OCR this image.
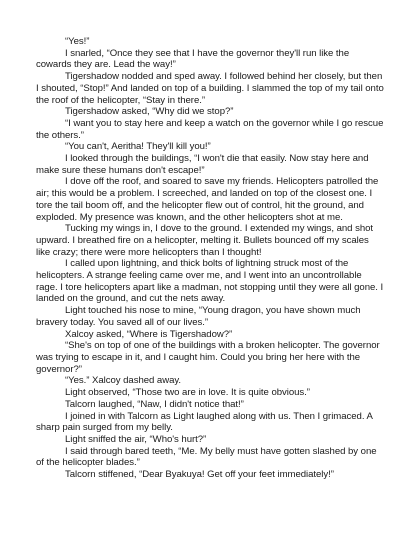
“Yes!”

I snarled, “Once they see that I have the governor they'll run like the cowards they are. Lead the way!”

Tigershadow nodded and sped away. I followed behind her closely, but then I shouted, “Stop!” And landed on top of a building. I slammed the top of my tail onto the roof of the helicopter, “Stay in there.”

Tigershadow asked, “Why did we stop?”

“I want you to stay here and keep a watch on the governor while I go rescue the others.”

“You can't, Aeritha! They'll kill you!”

I looked through the buildings, “I won't die that easily. Now stay here and make sure these humans don't escape!”

I dove off the roof, and soared to save my friends. Helicopters patrolled the air; this would be a problem. I screeched, and landed on top of the closest one. I tore the tail boom off, and the helicopter flew out of control, hit the ground, and exploded. My presence was known, and the other helicopters shot at me.

Tucking my wings in, I dove to the ground. I extended my wings, and shot upward. I breathed fire on a helicopter, melting it. Bullets bounced off my scales like crazy; there were more helicopters than I thought!

I called upon lightning, and thick bolts of lightning struck most of the helicopters. A strange feeling came over me, and I went into an uncontrollable rage. I tore helicopters apart like a madman, not stopping until they were all gone. I landed on the ground, and cut the nets away.

Light touched his nose to mine, “Young dragon, you have shown much bravery today. You saved all of our lives.”

Xalcoy asked, “Where is Tigershadow?”

“She's on top of one of the buildings with a broken helicopter. The governor was trying to escape in it, and I caught him. Could you bring her here with the governor?”

“Yes.” Xalcoy dashed away.

Light observed, “Those two are in love. It is quite obvious.”

Talcorn laughed, “Naw, I didn't notice that!”

I joined in with Talcorn as Light laughed along with us. Then I grimaced. A sharp pain surged from my belly.

Light sniffed the air, “Who's hurt?”

I said through bared teeth, “Me. My belly must have gotten slashed by one of the helicopter blades.”

Talcorn stiffened, “Dear Byakuya! Get off your feet immediately!”
